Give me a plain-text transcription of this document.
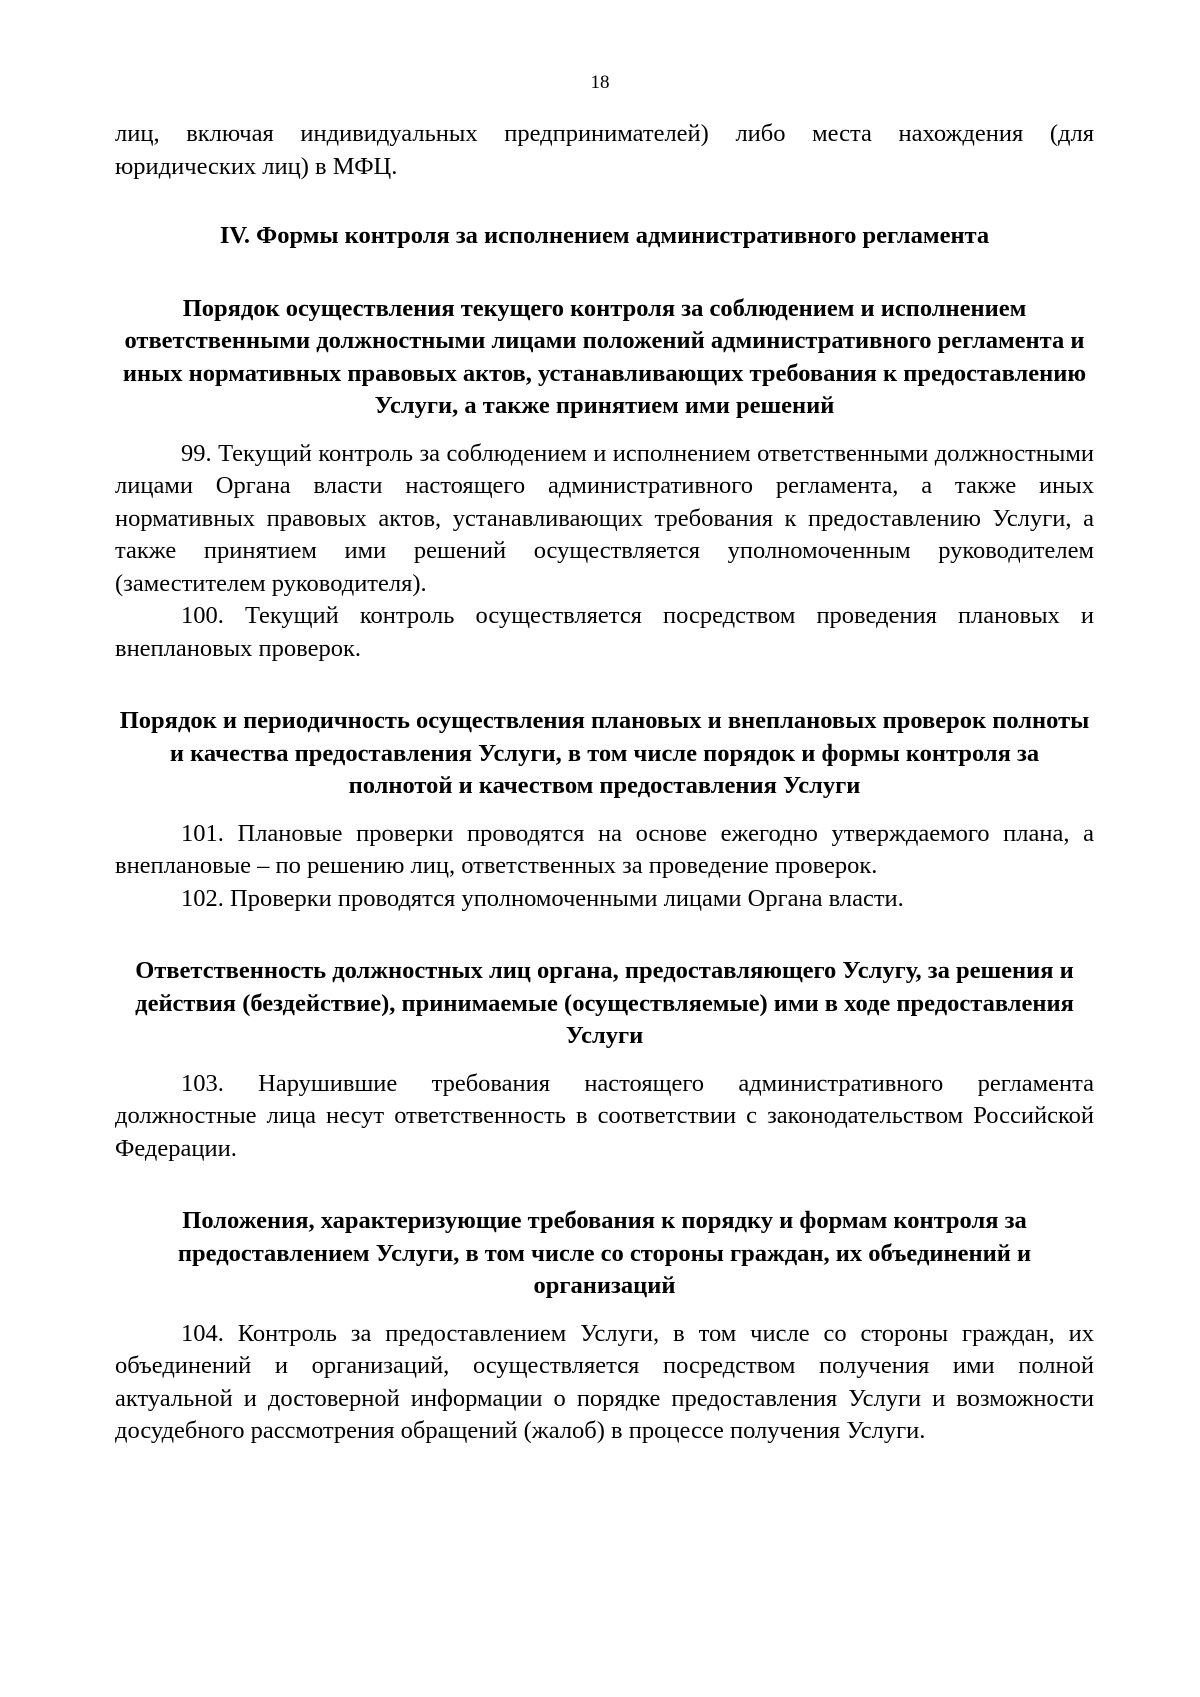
18

лиц, включая индивидуальных предпринимателей) либо места нахождения (для юридических лиц) в МФЦ.

IV. Формы контроля за исполнением административного регламента
Порядок осуществления текущего контроля за соблюдением и исполнением ответственными должностными лицами положений административного регламента и иных нормативных правовых актов, устанавливающих требования к предоставлению Услуги, а также принятием ими решений

99. Текущий контроль за соблюдением и исполнением ответственными должностными лицами Органа власти настоящего административного регламента, а также иных нормативных правовых актов, устанавливающих требования к предоставлению Услуги, а также принятием ими решений осуществляется уполномоченным руководителем (заместителем руководителя).

100. Текущий контроль осуществляется посредством проведения плановых и внеплановых проверок.

Порядок и периодичность осуществления плановых и внеплановых проверок полноты и качества предоставления Услуги, в том числе порядок и формы контроля за полнотой и качеством предоставления Услуги

101. Плановые проверки проводятся на основе ежегодно утверждаемого плана, а внеплановые – по решению лиц, ответственных за проведение проверок.

102. Проверки проводятся уполномоченными лицами Органа власти.

Ответственность должностных лиц органа, предоставляющего Услугу, за решения и действия (бездействие), принимаемые (осуществляемые) ими в ходе предоставления Услуги

103. Нарушившие требования настоящего административного регламента должностные лица несут ответственность в соответствии с законодательством Российской Федерации.

Положения, характеризующие требования к порядку и формам контроля за предоставлением Услуги, в том числе со стороны граждан, их объединений и организаций

104. Контроль за предоставлением Услуги, в том числе со стороны граждан, их объединений и организаций, осуществляется посредством получения ими полной актуальной и достоверной информации о порядке предоставления Услуги и возможности досудебного рассмотрения обращений (жалоб) в процессе получения Услуги.
